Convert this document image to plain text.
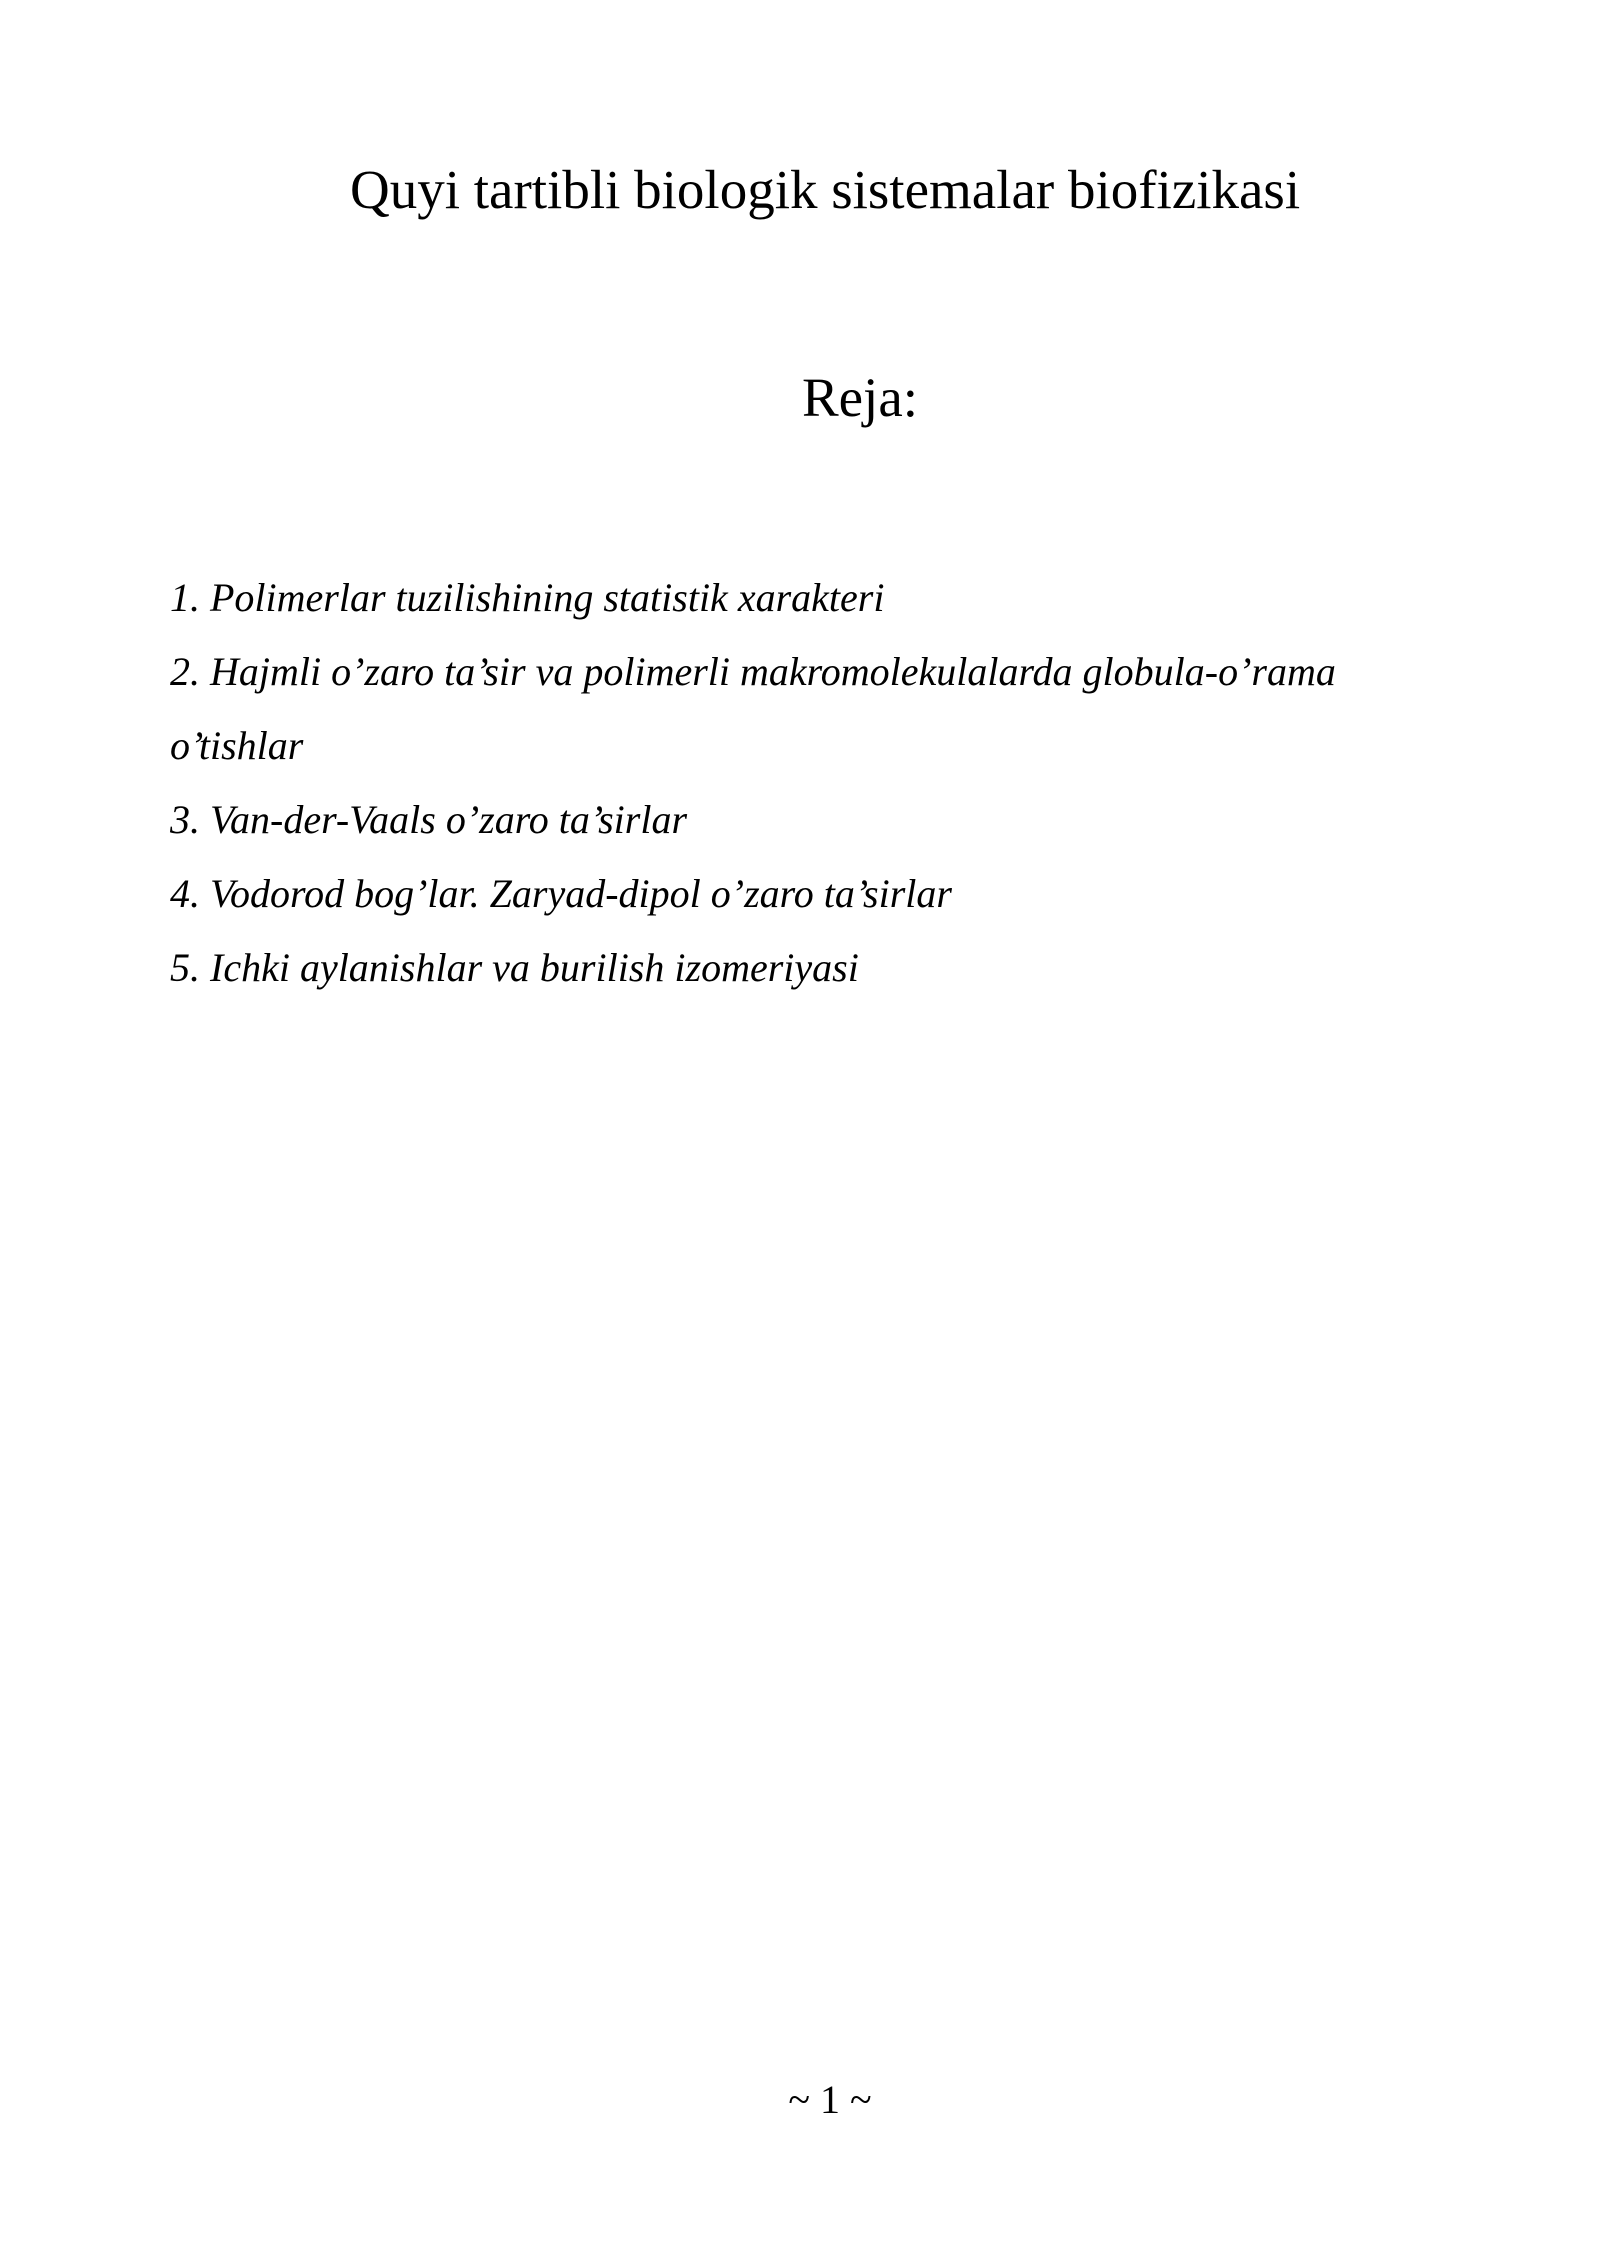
Quyi tartibli biologik sistemalar biofizikasi
Reja:
1. Polimerlar tuzilishining statistik xarakteri
2. Hajmli o’zaro ta’sir va polimerli makromolekulalarda globula-o’rama
o’tishlar
3. Van-der-Vaals o’zaro ta’sirlar
4. Vodorod bog’lar. Zaryad-dipol o’zaro ta’sirlar
5. Ichki aylanishlar va burilish izomeriyasi
~ 1 ~
